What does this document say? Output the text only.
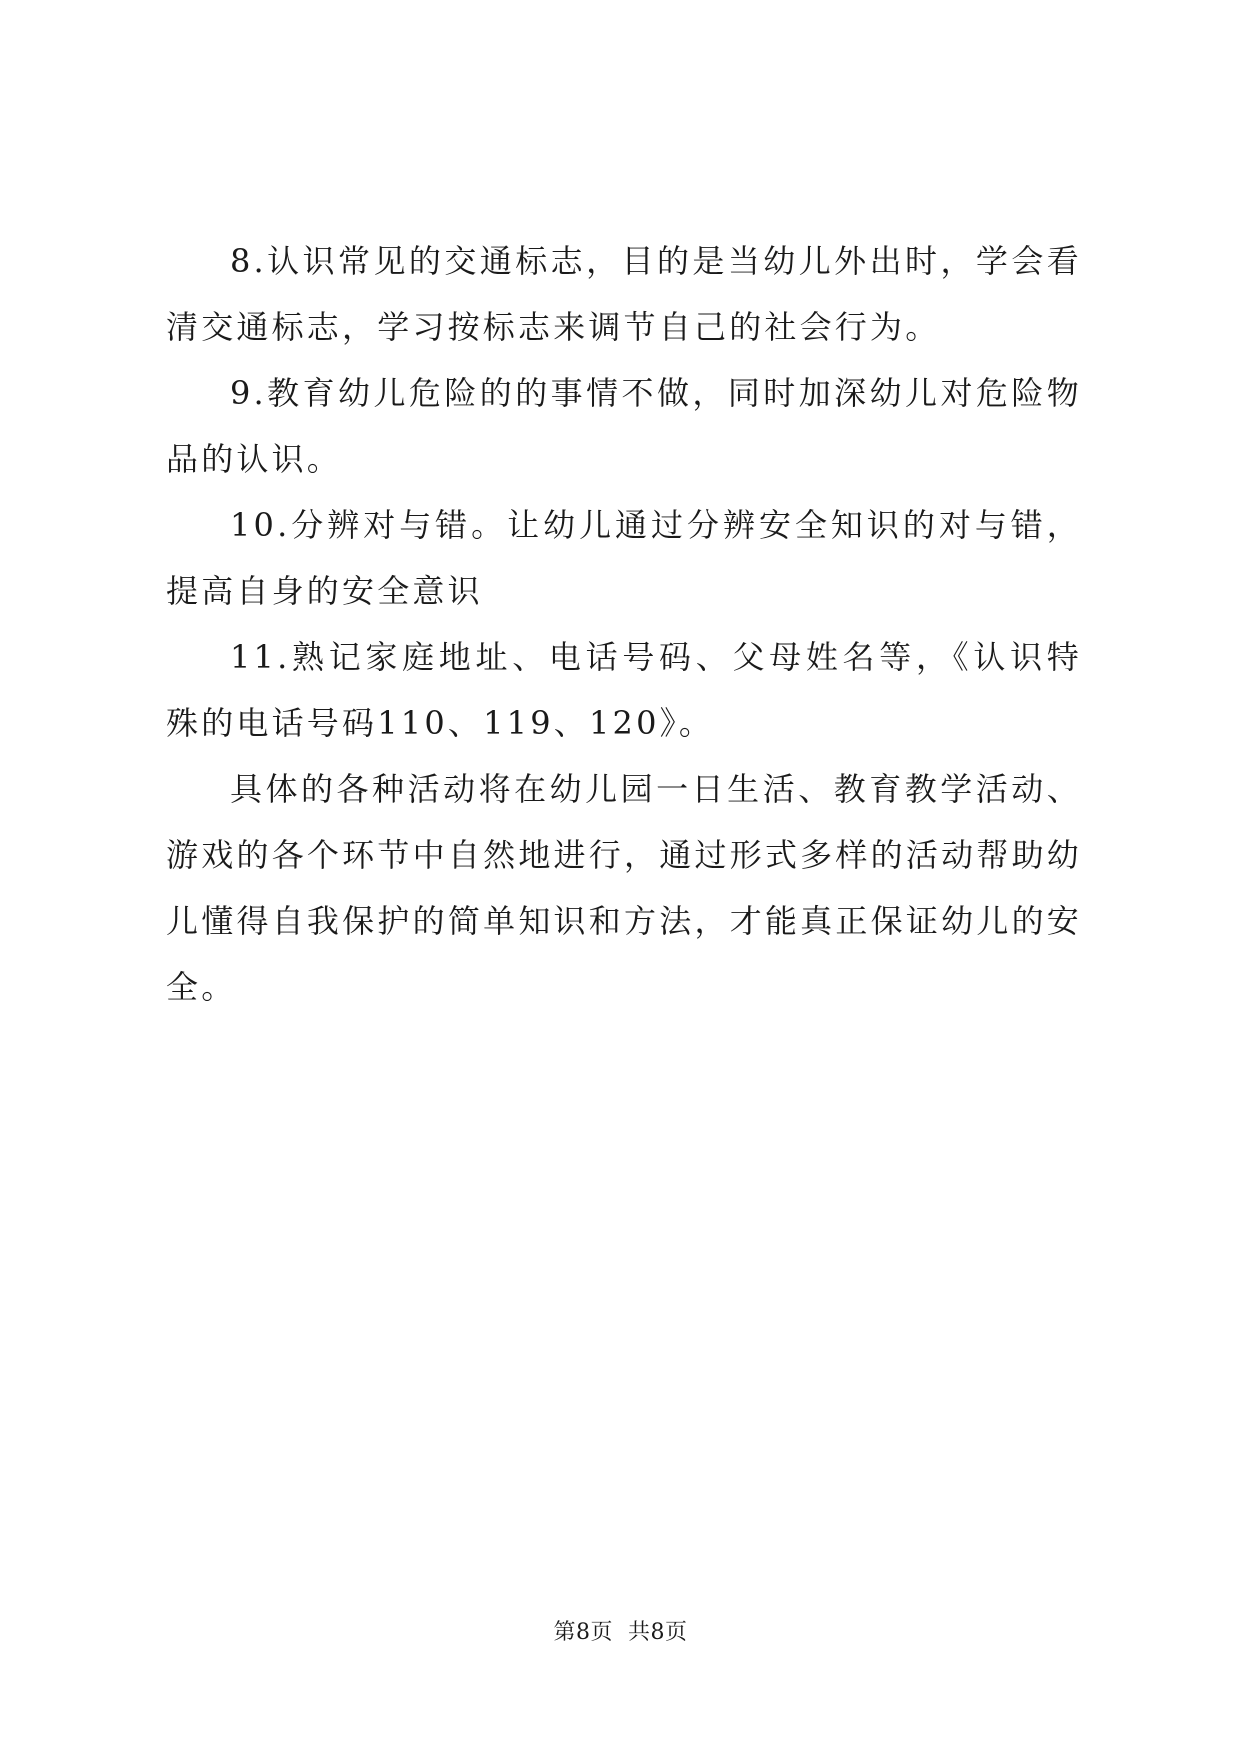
8.认识常见的交通标志，目的是当幼儿外出时，学会看清交通标志，学习按标志来调节自己的社会行为。

9.教育幼儿危险的的事情不做，同时加深幼儿对危险物品的认识。

10.分辨对与错。让幼儿通过分辨安全知识的对与错，提高自身的安全意识

11.熟记家庭地址、电话号码、父母姓名等，《认识特殊的电话号码110、119、120》。

具体的各种活动将在幼儿园一日生活、教育教学活动、游戏的各个环节中自然地进行，通过形式多样的活动帮助幼儿懂得自我保护的简单知识和方法，才能真正保证幼儿的安全。

第8页 共8页
